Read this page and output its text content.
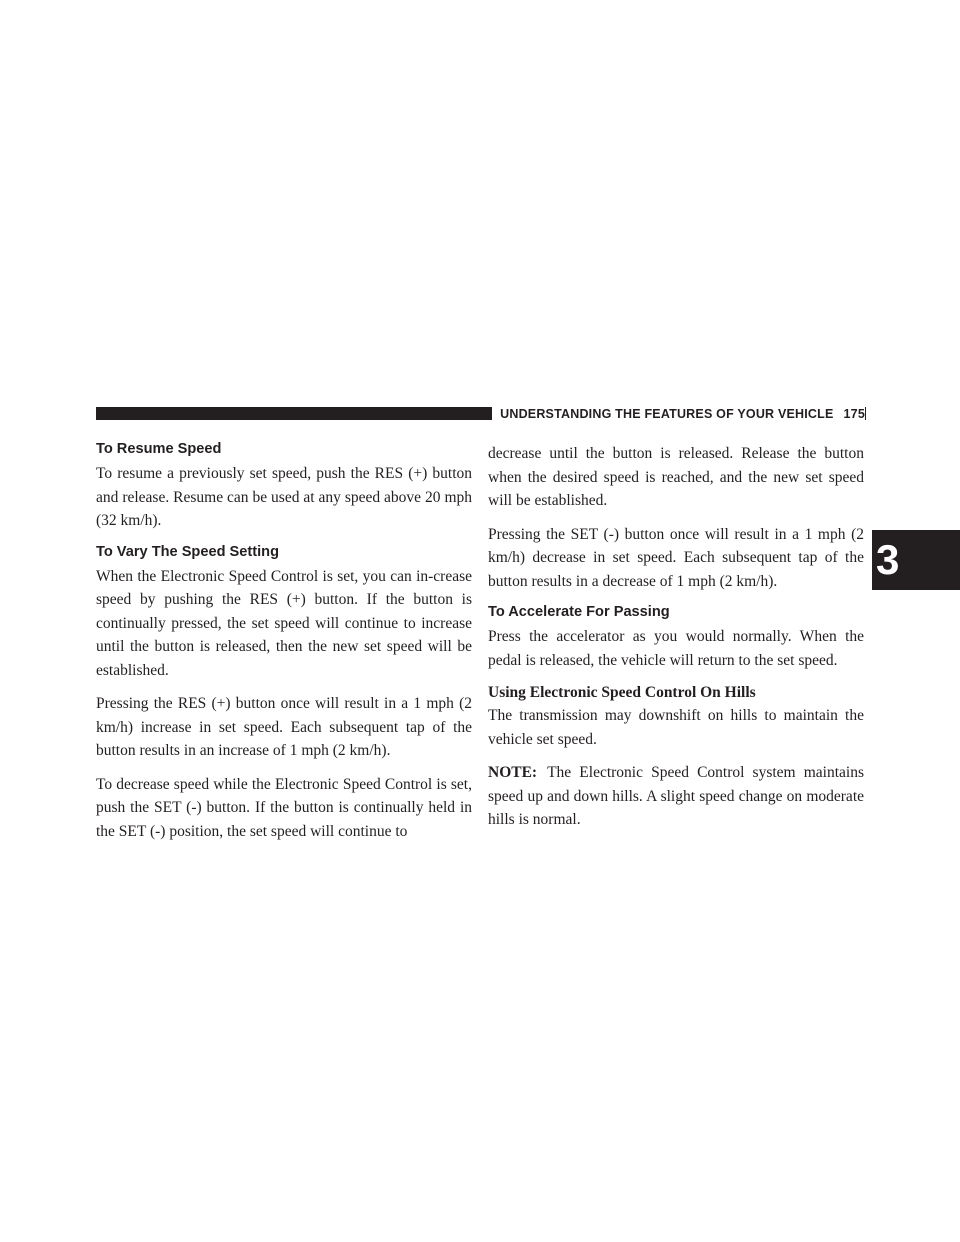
UNDERSTANDING THE FEATURES OF YOUR VEHICLE 175
3
To Resume Speed

To resume a previously set speed, push the RES (+) button and release. Resume can be used at any speed above 20 mph (32 km/h).

To Vary The Speed Setting

When the Electronic Speed Control is set, you can in-crease speed by pushing the RES (+) button. If the button is continually pressed, the set speed will continue to increase until the button is released, then the new set speed will be established.

Pressing the RES (+) button once will result in a 1 mph (2 km/h) increase in set speed. Each subsequent tap of the button results in an increase of 1 mph (2 km/h).

To decrease speed while the Electronic Speed Control is set, push the SET (-) button. If the button is continually held in the SET (-) position, the set speed will continue to

decrease until the button is released. Release the button when the desired speed is reached, and the new set speed will be established.

Pressing the SET (-) button once will result in a 1 mph (2 km/h) decrease in set speed. Each subsequent tap of the button results in a decrease of 1 mph (2 km/h).

To Accelerate For Passing

Press the accelerator as you would normally. When the pedal is released, the vehicle will return to the set speed.

Using Electronic Speed Control On Hills

The transmission may downshift on hills to maintain the vehicle set speed.

NOTE: The Electronic Speed Control system maintains speed up and down hills. A slight speed change on moderate hills is normal.
